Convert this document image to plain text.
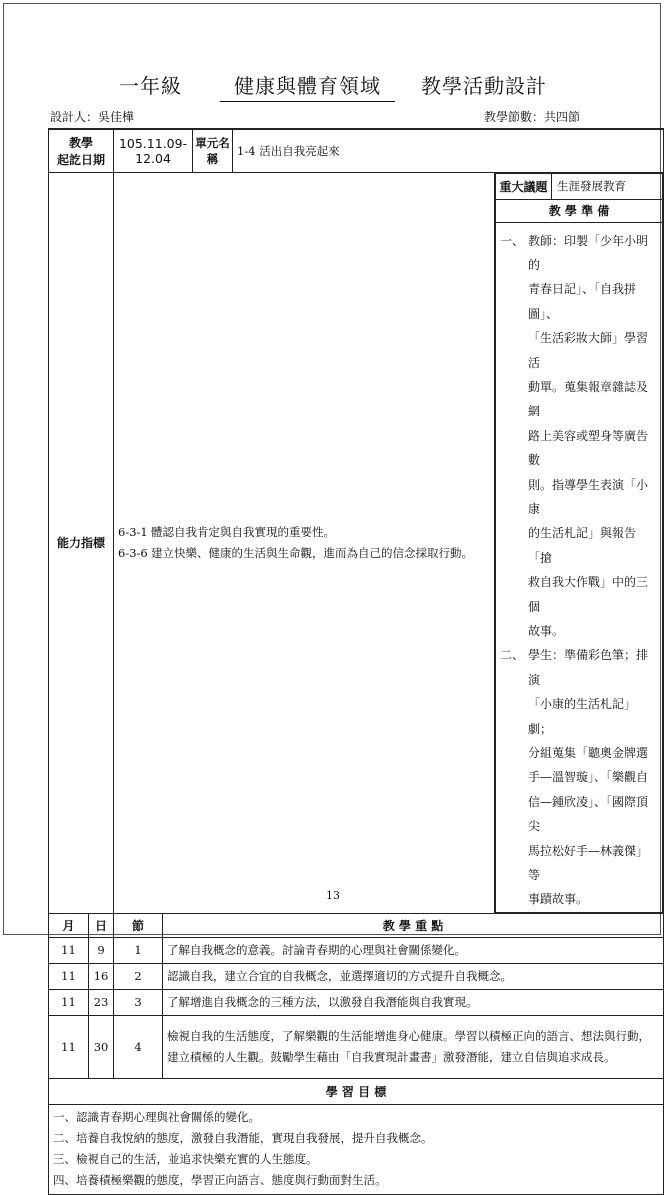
一年級	健康與體育領域 教學活動設計
設計人：吳佳樺	教學節數：共四節
教學
起訖日期
	105.11.09-12.04	單元名稱	1-4 活出自我亮起來
能力指標	
6-3-1 體認自我肯定與自我實現的重要性。
6-3-6 建立快樂、健康的生活與生命觀，進而為自己的信念採取行動。

重大議題	生涯發展教育
教 學 準 備

一、 教師：印製「少年小明的
青春日記」、「自我拼圖」、
「生活彩妝大師」學習活
動單。蒐集報章雜誌及網
路上美容或塑身等廣告數
則。指導學生表演「小康
的生活札記」與報告「搶
救自我大作戰」中的三個
故事。
二、 學生：準備彩色筆；排演
「小康的生活札記」劇；
分組蒐集「聽奧金牌選
手—溫智璇」、「樂觀自
信—鍾欣凌」、「國際頂尖
馬拉松好手—林義傑」等
事蹟故事。

月	日	節	教 學 重 點
11	9	1	了解自我概念的意義。討論青春期的心理與社會關係變化。
11	16	2	認識自我，建立合宜的自我概念，並選擇適切的方式提升自我概念。
11	23	3	了解增進自我概念的三種方法，以激發自我潛能與自我實現。
11	30	4	檢視自我的生活態度，了解樂觀的生活能增進身心健康。學習以積極正向的語言、想法與行動，建立積極的人生觀。鼓勵學生藉由「自我實現計畫書」激發潛能，建立自信與追求成長。
學 習 目 標

一、認識青春期心理與社會關係的變化。
二、培養自我悅納的態度，激發自我潛能，實現自我發展，提升自我概念。
三、檢視自己的生活，並追求快樂充實的人生態度。
四、培養積極樂觀的態度，學習正向語言、態度與行動面對生活。
13
